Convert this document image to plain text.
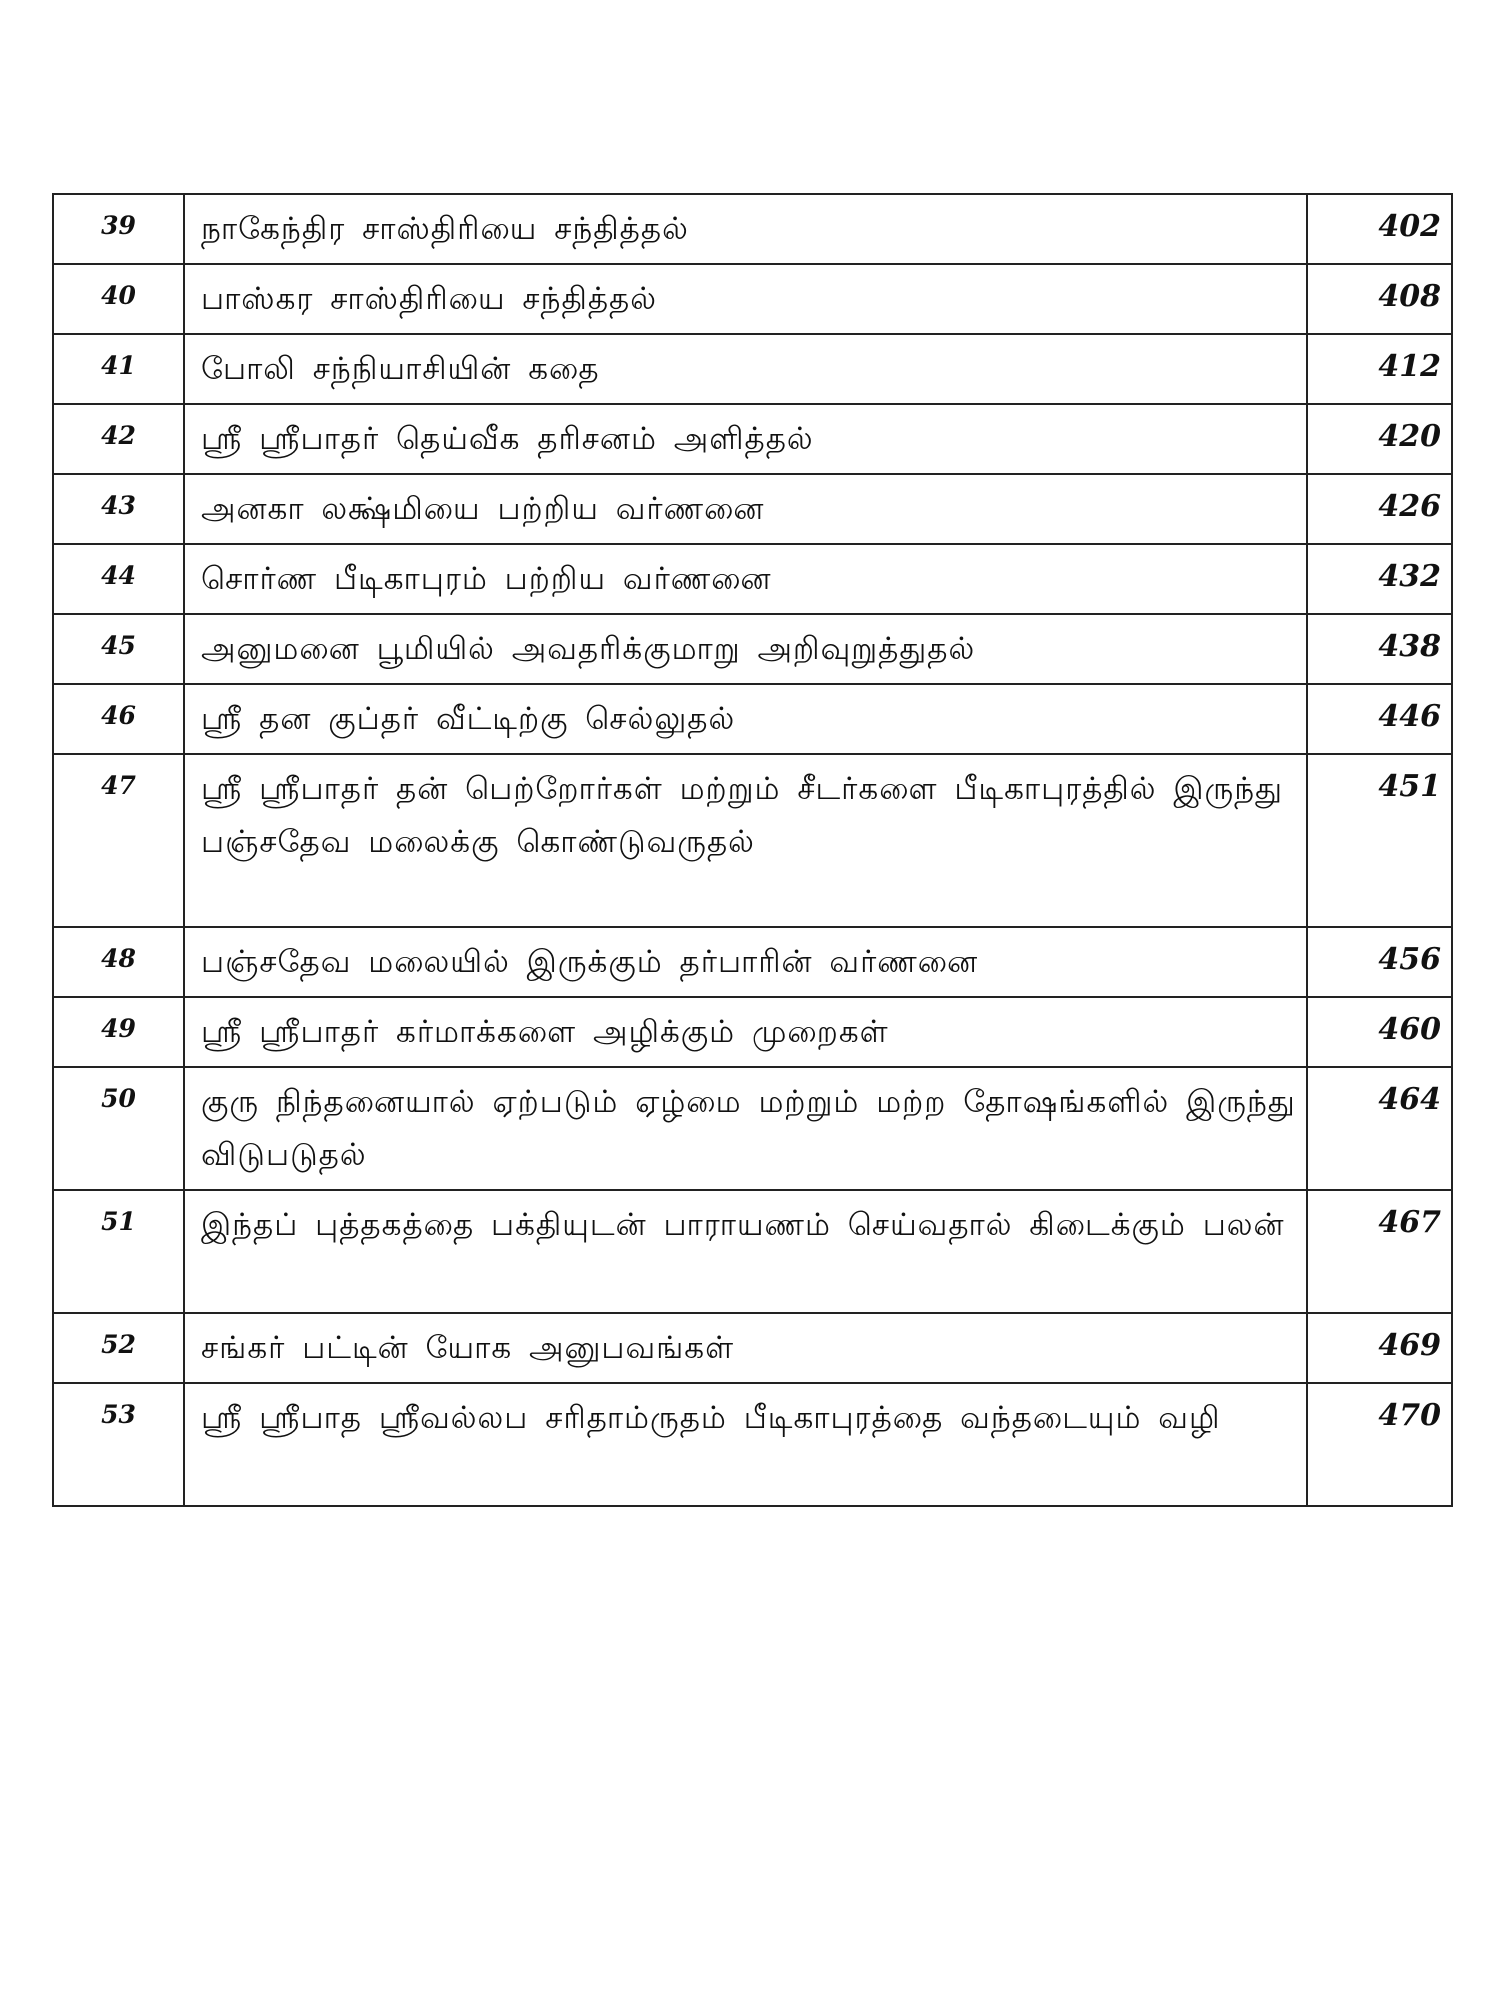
39	நாகேந்திர சாஸ்திரியை சந்தித்தல்	402
40	பாஸ்கர சாஸ்திரியை சந்தித்தல்	408
41	போலி சந்நியாசியின் கதை	412
42	ஸ்ரீ ஸ்ரீபாதர் தெய்வீக தரிசனம் அளித்தல்	420
43	அனகா லக்ஷ்மியை பற்றிய வர்ணனை	426
44	சொர்ண பீடிகாபுரம் பற்றிய வர்ணனை	432
45	அனுமனை பூமியில் அவதரிக்குமாறு அறிவுறுத்துதல்	438
46	ஸ்ரீ தன குப்தர் வீட்டிற்கு செல்லுதல்	446
47	ஸ்ரீ ஸ்ரீபாதர் தன் பெற்றோர்கள் மற்றும் சீடர்களை பீடிகாபுரத்தில் இருந்து பஞ்சதேவ மலைக்கு கொண்டுவருதல்	451
48	பஞ்சதேவ மலையில் இருக்கும் தர்பாரின் வர்ணனை	456
49	ஸ்ரீ ஸ்ரீபாதர் கர்மாக்களை அழிக்கும் முறைகள்	460
50	குரு நிந்தனையால் ஏற்படும் ஏழ்மை மற்றும் மற்ற தோஷங்களில் இருந்து விடுபடுதல்	464
51	இந்தப் புத்தகத்தை பக்தியுடன் பாராயணம் செய்வதால் கிடைக்கும் பலன்	467
52	சங்கர் பட்டின் யோக அனுபவங்கள்	469
53	ஸ்ரீ ஸ்ரீபாத ஸ்ரீவல்லப சரிதாம்ருதம் பீடிகாபுரத்தை வந்தடையும் வழி	470
